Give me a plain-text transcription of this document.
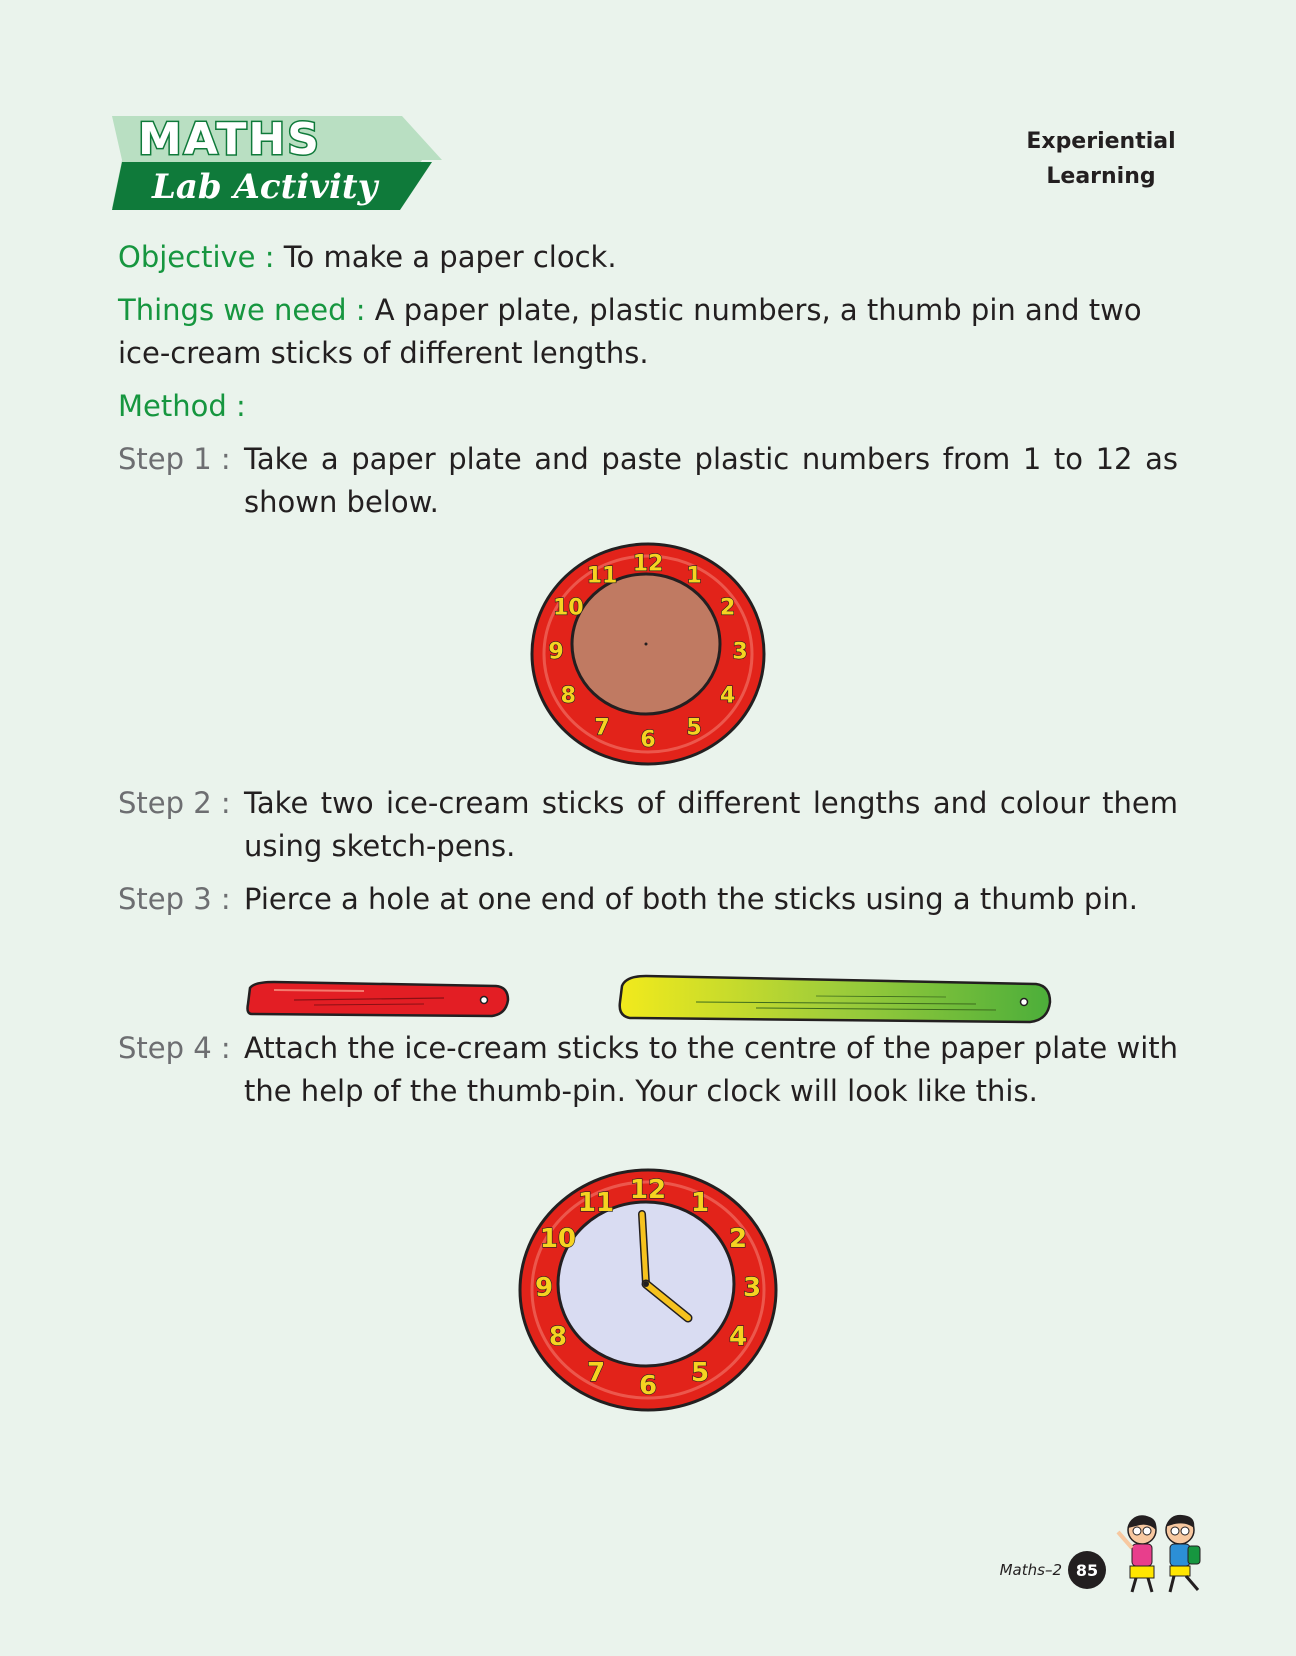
MATHS
Lab Activity
Experiential
Learning

Objective : To make a paper clock.

Things we need : A paper plate, plastic numbers, a thumb pin and two ice-cream sticks of different lengths.

Method :

Step 1 : Take a paper plate and paste plastic numbers from 1 to 12 as shown below.
Step 2 : Take two ice-cream sticks of different lengths and colour them using sketch-pens.
Step 3 : Pierce a hole at one end of both the sticks using a thumb pin.
Step 4 : Attach the ice-cream sticks to the centre of the paper plate with the help of the thumb-pin. Your clock will look like this.
12 1
2
3
4
5
6
7
8
9
10
11
12 1
2
3
4
5
6
7
8
9
10
11
Maths–2 85
